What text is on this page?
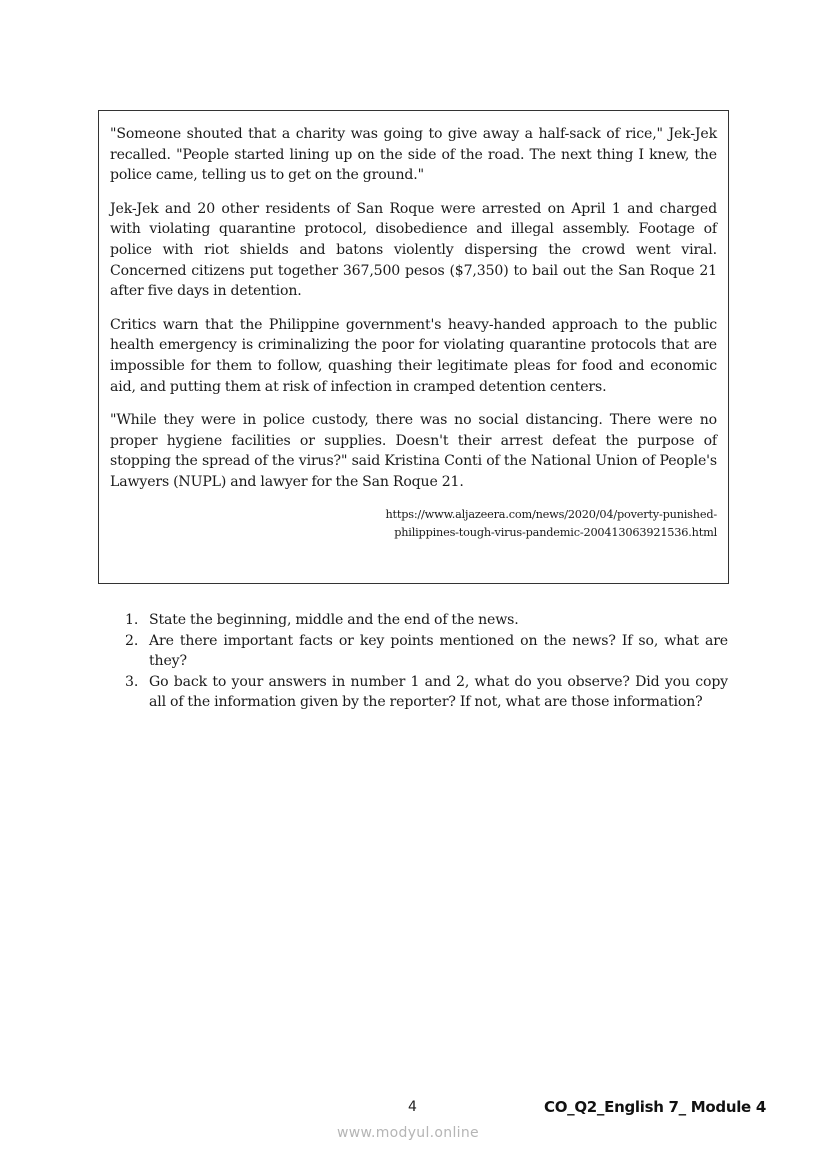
"Someone shouted that a charity was going to give away a half-sack of rice," Jek-Jek recalled. "People started lining up on the side of the road. The next thing I knew, the police came, telling us to get on the ground."

Jek-Jek and 20 other residents of San Roque were arrested on April 1 and charged with violating quarantine protocol, disobedience and illegal assembly. Footage of police with riot shields and batons violently dispersing the crowd went viral. Concerned citizens put together 367,500 pesos ($7,350) to bail out the San Roque 21 after five days in detention.

Critics warn that the Philippine government's heavy-handed approach to the public health emergency is criminalizing the poor for violating quarantine protocols that are impossible for them to follow, quashing their legitimate pleas for food and economic aid, and putting them at risk of infection in cramped detention centers.

"While they were in police custody, there was no social distancing. There were no proper hygiene facilities or supplies. Doesn't their arrest defeat the purpose of stopping the spread of the virus?" said Kristina Conti of the National Union of People's Lawyers (NUPL) and lawyer for the San Roque 21.

https://www.aljazeera.com/news/2020/04/poverty-punished-
philippines-tough-virus-pandemic-200413063921536.html
1. State the beginning, middle and the end of the news.
2. Are there important facts or key points mentioned on the news? If so, what are they?
3. Go back to your answers in number 1 and 2, what do you observe? Did you copy all of the information given by the reporter? If not, what are those information?
4	CO_Q2_English 7_ Module 4
www.modyul.online
